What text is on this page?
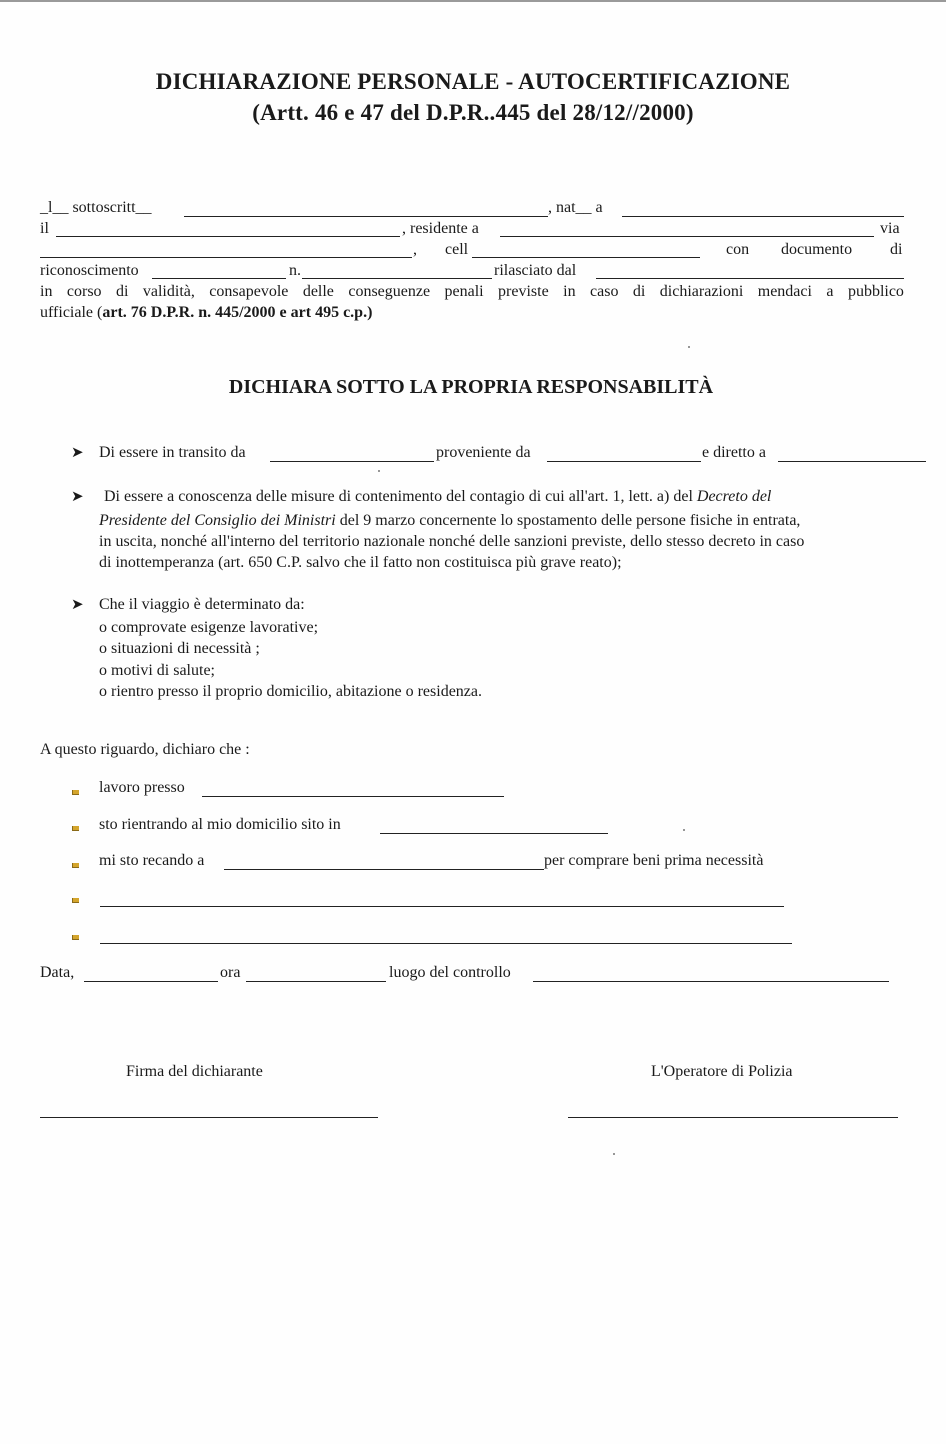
DICHIARAZIONE PERSONALE - AUTOCERTIFICAZIONE
(Artt. 46 e 47 del D.P.R..445 del 28/12//2000)
_l__ sottoscritt__	, nat__ a
il	, residente a	via
, cell	con documento di
riconoscimento	n.	rilasciato dal
in corso di validità, consapevole delle conseguenze penali previste in caso di dichiarazioni mendaci a pubblico
ufficiale (art. 76 D.P.R. n. 445/2000 e art 495 c.p.)
DICHIARA SOTTO LA PROPRIA RESPONSABILITÀ
➤ Di essere in transito da	proveniente da	e diretto a
➤ Di essere a conoscenza delle misure di contenimento del contagio di cui all'art. 1, lett. a) del Decreto del
Presidente del Consiglio dei Ministri del 9 marzo concernente lo spostamento delle persone fisiche in entrata,
in uscita, nonché all'interno del territorio nazionale nonché delle sanzioni previste, dello stesso decreto in caso
di inottemperanza (art. 650 C.P. salvo che il fatto non costituisca più grave reato);
➤ Che il viaggio è determinato da:
o comprovate esigenze lavorative;
o situazioni di necessità ;
o motivi di salute;
o rientro presso il proprio domicilio, abitazione o residenza.
A questo riguardo, dichiaro che :
lavoro presso
sto rientrando al mio domicilio sito in
mi sto recando a	per comprare beni prima necessità
Data,	ora	luogo del controllo
Firma del dichiarante	L'Operatore di Polizia
